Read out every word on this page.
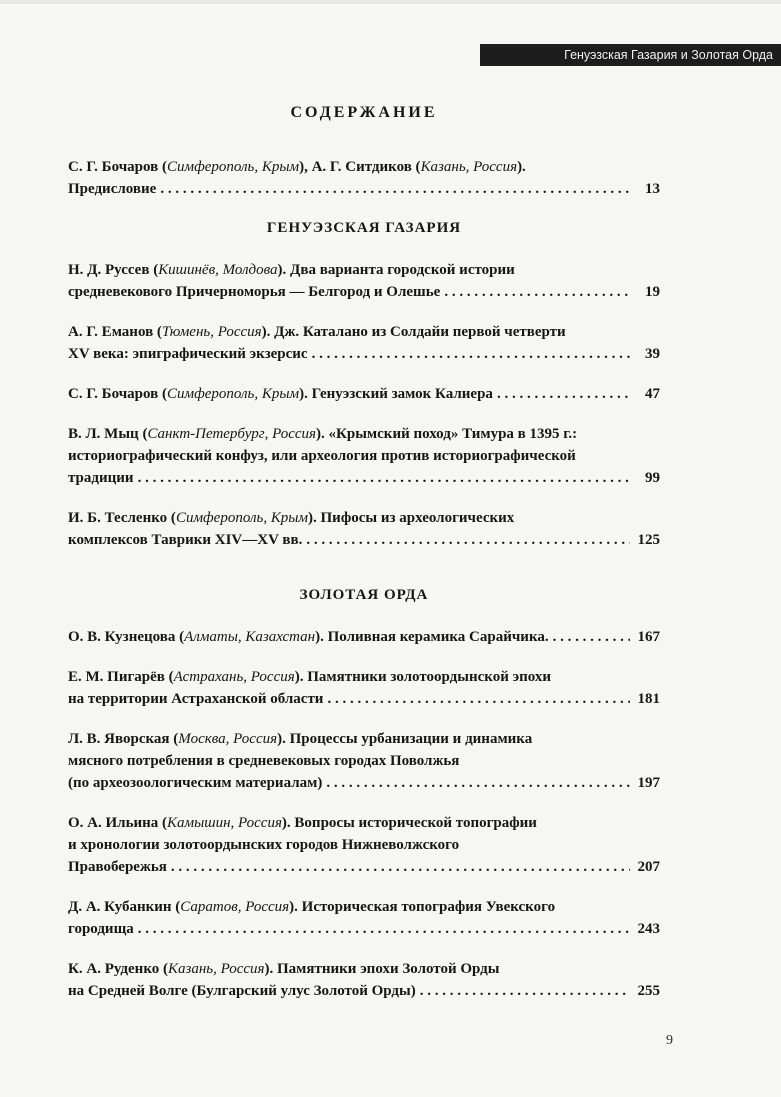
Генуэзская Газария и Золотая Орда
СОДЕРЖАНИЕ
С. Г. Бочаров (Симферополь, Крым), А. Г. Ситдиков (Казань, Россия).
Предисловие . . .	13
ГЕНУЭЗСКАЯ ГАЗАРИЯ
Н. Д. Руссев (Кишинёв, Молдова). Два варианта городской истории
средневекового Причерноморья — Белгород и Олешье . . .	19
А. Г. Еманов (Тюмень, Россия). Дж. Каталано из Солдайи первой четверти
XV века: эпиграфический экзерсис . . .	39
С. Г. Бочаров (Симферополь, Крым). Генуэзский замок Калиера . . .	47
В. Л. Мыц (Санкт-Петербург, Россия). «Крымский поход» Тимура в 1395 г.:
историографический конфуз, или археология против историографической
традиции . . .	99
И. Б. Тесленко (Симферополь, Крым). Пифосы из археологических
комплексов Таврики XIV—XV вв. . . .	125
ЗОЛОТАЯ ОРДА
О. В. Кузнецова (Алматы, Казахстан). Поливная керамика Сарайчика. . . .	167
Е. М. Пигарёв (Астрахань, Россия). Памятники золотоордынской эпохи
на территории Астраханской области . . .	181
Л. В. Яворская (Москва, Россия). Процессы урбанизации и динамика
мясного потребления в средневековых городах Поволжья
(по археозоологическим материалам) . . .	197
О. А. Ильина (Камышин, Россия). Вопросы исторической топографии
и хронологии золотоордынских городов Нижневолжского
Правобережья . . .	207
Д. А. Кубанкин (Саратов, Россия). Историческая топография Увекского
городища . . .	243
К. А. Руденко (Казань, Россия). Памятники эпохи Золотой Орды
на Средней Волге (Булгарский улус Золотой Орды) . . .	255
9
